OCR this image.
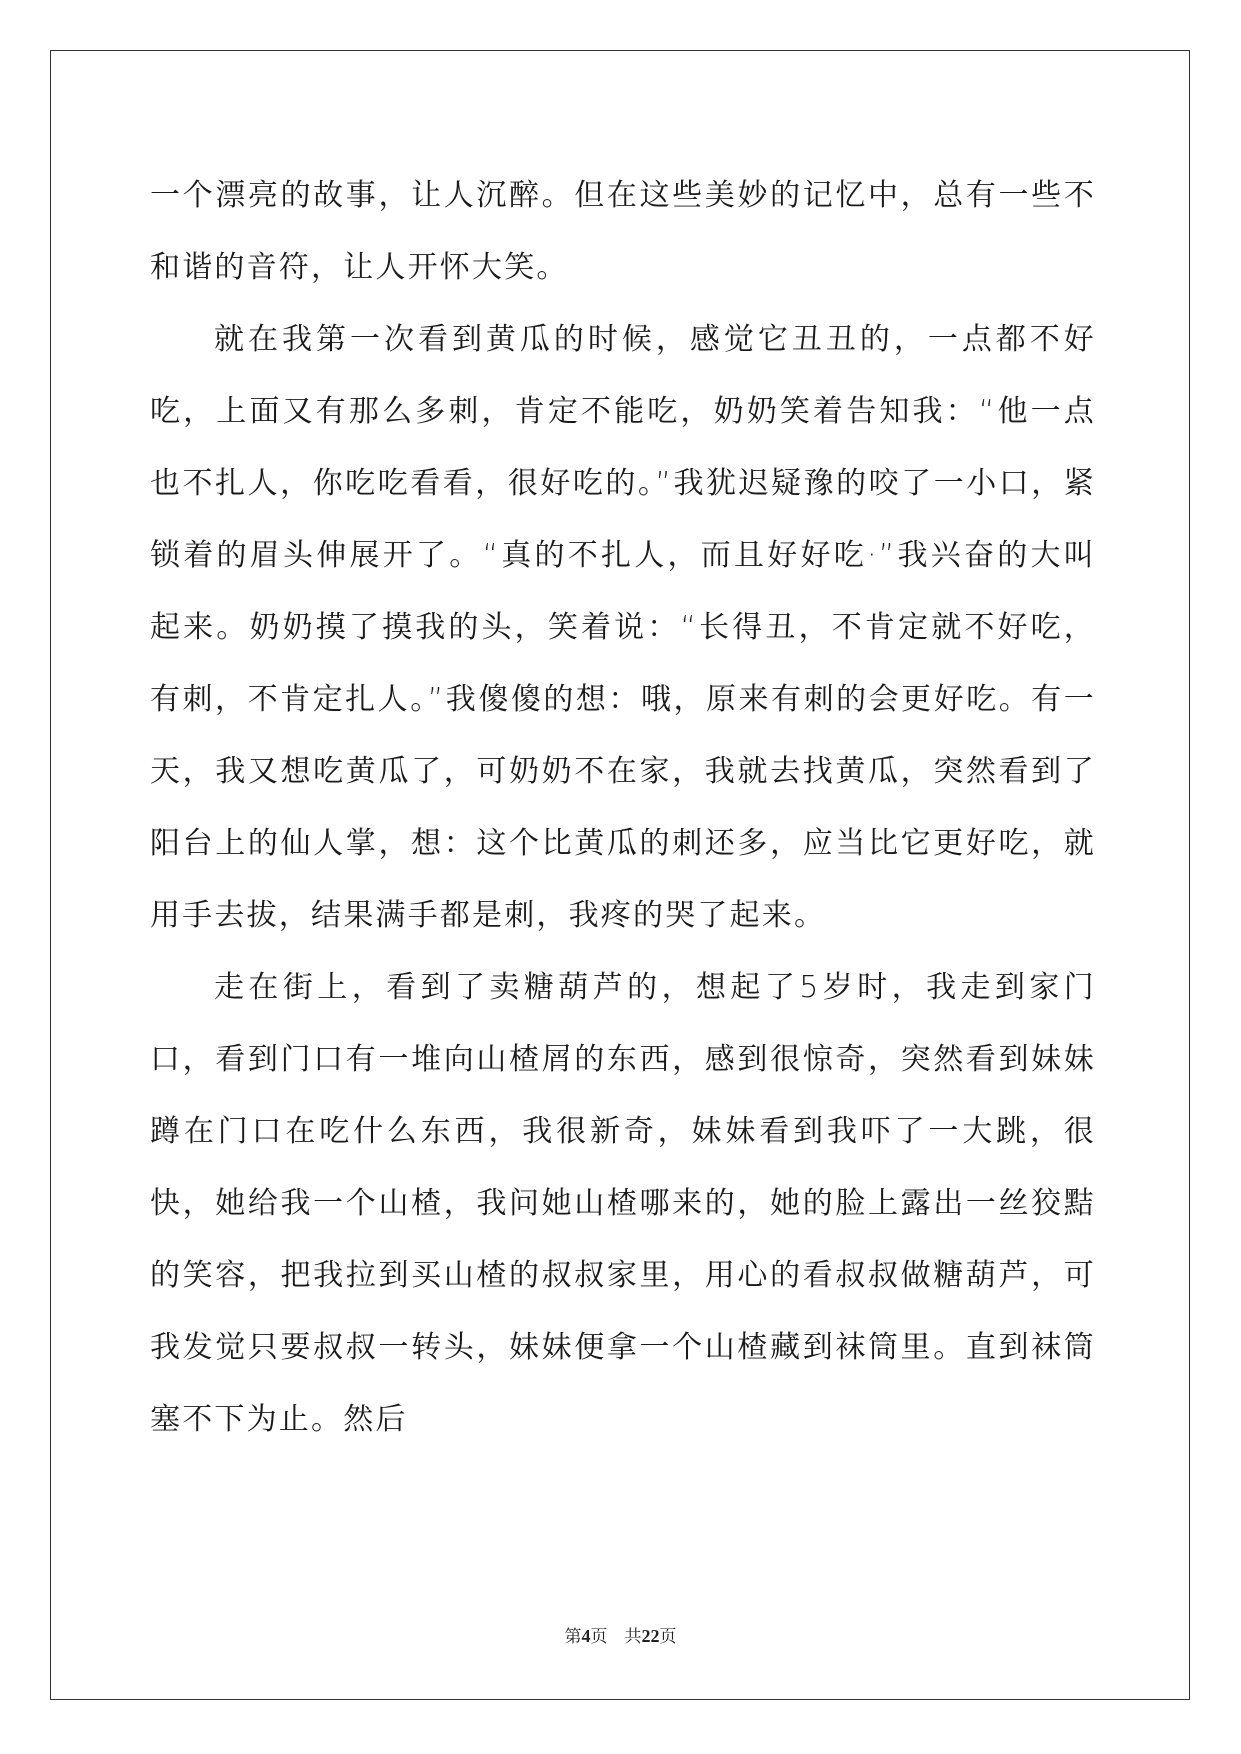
一个漂亮的故事，让人沉醉。但在这些美妙的记忆中，总有一些不和谐的音符，让人开怀大笑。

就在我第一次看到黄瓜的时候，感觉它丑丑的，一点都不好吃，上面又有那么多刺，肯定不能吃，奶奶笑着告知我：“他一点也不扎人，你吃吃看看，很好吃的。”我犹迟疑豫的咬了一小口，紧锁着的眉头伸展开了。“真的不扎人，而且好好吃·”我兴奋的大叫起来。奶奶摸了摸我的头，笑着说：“长得丑，不肯定就不好吃，有刺，不肯定扎人。”我傻傻的想：哦，原来有刺的会更好吃。有一天，我又想吃黄瓜了，可奶奶不在家，我就去找黄瓜，突然看到了阳台上的仙人掌，想：这个比黄瓜的刺还多，应当比它更好吃，就用手去拔，结果满手都是刺，我疼的哭了起来。

走在街上，看到了卖糖葫芦的，想起了5岁时，我走到家门口，看到门口有一堆向山楂屑的东西，感到很惊奇，突然看到妹妹蹲在门口在吃什么东西，我很新奇，妹妹看到我吓了一大跳，很快，她给我一个山楂，我问她山楂哪来的，她的脸上露出一丝狡黠的笑容，把我拉到买山楂的叔叔家里，用心的看叔叔做糖葫芦，可我发觉只要叔叔一转头，妹妹便拿一个山楂藏到袜筒里。直到袜筒塞不下为止。然后

第4页 共22页
